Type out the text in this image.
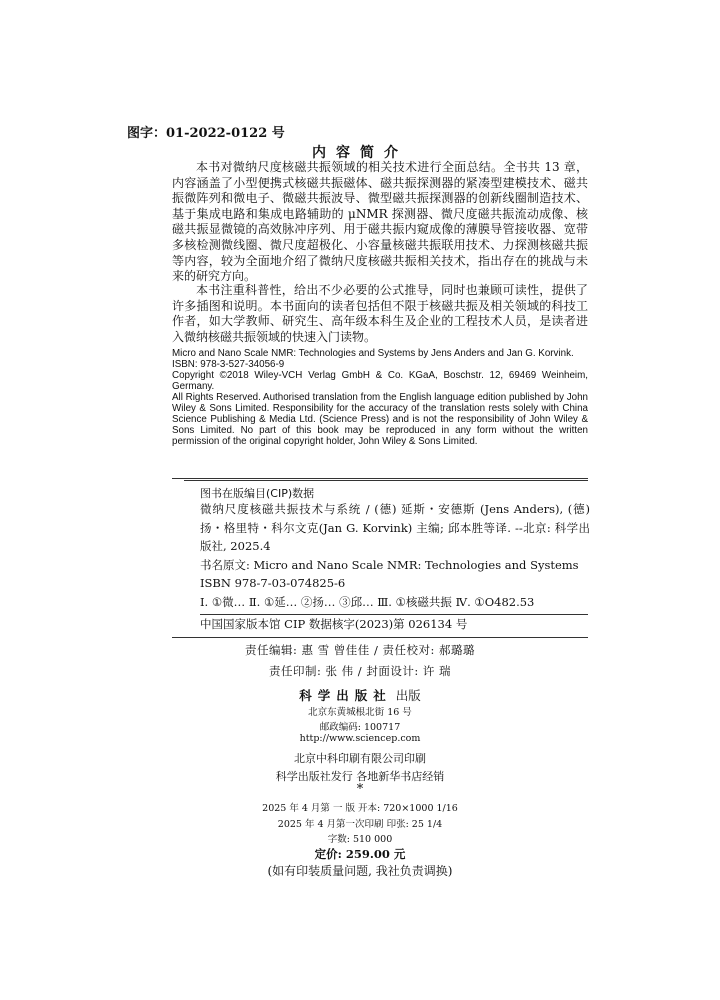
图字：01-2022-0122 号
内容简介

本书对微纳尺度核磁共振领域的相关技术进行全面总结。全书共 13 章，内容涵盖了小型便携式核磁共振磁体、磁共振探测器的紧凑型建模技术、磁共振微阵列和微电子、微磁共振波导、微型磁共振探测器的创新线圈制造技术、基于集成电路和集成电路辅助的 μNMR 探测器、微尺度磁共振流动成像、核磁共振显微镜的高效脉冲序列、用于磁共振内窥成像的薄膜导管接收器、宽带多核检测微线圈、微尺度超极化、小容量核磁共振联用技术、力探测核磁共振等内容，较为全面地介绍了微纳尺度核磁共振相关技术，指出存在的挑战与未来的研究方向。

本书注重科普性，给出不少必要的公式推导，同时也兼顾可读性，提供了许多插图和说明。本书面向的读者包括但不限于核磁共振及相关领域的科技工作者，如大学教师、研究生、高年级本科生及企业的工程技术人员，是读者进入微纳核磁共振领域的快速入门读物。

Micro and Nano Scale NMR: Technologies and Systems by Jens Anders and Jan G. Korvink.
ISBN: 978-3-527-34056-9
Copyright ©2018 Wiley-VCH Verlag GmbH & Co. KGaA, Boschstr. 12, 69469 Weinheim, Germany.
All Rights Reserved. Authorised translation from the English language edition published by John Wiley & Sons Limited. Responsibility for the accuracy of the translation rests solely with China Science Publishing & Media Ltd. (Science Press) and is not the responsibility of John Wiley & Sons Limited. No part of this book may be reproduced in any form without the written permission of the original copyright holder, John Wiley & Sons Limited.
图书在版编目(CIP)数据
微纳尺度核磁共振技术与系统 / (德) 延斯・安德斯 (Jens Anders), (德) 扬・格里特・科尔文克(Jan G. Korvink) 主编; 邱本胜等译. --北京: 科学出版社, 2025.4
书名原文: Micro and Nano Scale NMR: Technologies and Systems
ISBN 978-7-03-074825-6
Ⅰ. ①微… Ⅱ. ①延… ②扬… ③邱… Ⅲ. ①核磁共振 Ⅳ. ①O482.53
中国国家版本馆 CIP 数据核字(2023)第 026134 号
责任编辑: 惠 雪 曾佳佳 / 责任校对: 郝璐璐
责任印制: 张 伟 / 封面设计: 许 瑞
科学出版社 出版
北京东黄城根北街 16 号
邮政编码: 100717
http://www.sciencep.com
北京中科印刷有限公司印刷
科学出版社发行 各地新华书店经销
*
2025 年 4 月第 一 版 开本: 720×1000 1/16
2025 年 4 月第一次印刷 印张: 25 1/4
字数: 510 000
定价: 259.00 元
(如有印装质量问题, 我社负责调换)
